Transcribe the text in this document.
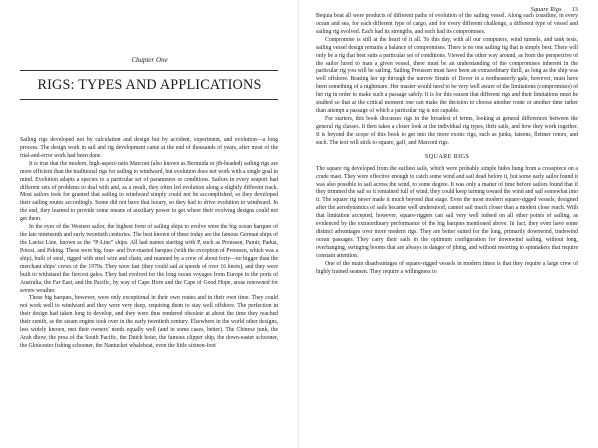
Chapter One
RIGS: TYPES AND APPLICATIONS

Sailing rigs developed not by calculation and design but by accident, experiment, and evolution—a long process. The design work in sail and rig development came at the end of thousands of years, after most of the trial-and-error work had been done.

It is true that the modern, high-aspect-ratio Marconi (also known as Bermuda or jib-headed) sailing rigs are more efficient than the traditional rigs for sailing to windward, but evolution does not work with a single goal in mind. Evolution adapts a species to a particular set of parameters or conditions. Sailors in every seaport had different sets of problems to deal with and, as a result, they often led evolution along a slightly different track. Most sailors took for granted that sailing to windward simply could not be accomplished, so they developed their sailing routes accordingly. Some did not have that luxury, so they had to drive evolution to windward. In the end, they learned to provide some means of auxiliary power to get where their evolving designs could not get them.

In the eyes of the Western sailor, the highest form of sailing ships to evolve were the big ocean barques of the late nineteenth and early twentieth centuries. The best known of these today are the famous German ships of the Laeisz Line, known as the “P-Line” ships. All had names starting with P, such as Preussen, Pamir, Padua, Potosi, and Peking. These were big, four- and five-masted barques (with the exception of Preussen, which was a ship), built of steel, rigged with steel wire and chain, and manned by a crew of about forty—no bigger than the merchant ships’ crews of the 1970s. They were fast (they could sail at speeds of over 16 knots), and they were built to withstand the fiercest gales. They had evolved for the long ocean voyages from Europe to the ports of Australia, the Far East, and the Pacific, by way of Cape Horn and the Cape of Good Hope, areas renowned for severe weather.

These big barques, however, were only exceptional in their own routes and in their own time. They could not work well to windward and they were very deep, requiring them to stay well offshore. The perfection in their design had taken long to develop, and they were thus rendered obsolete at about the time they reached their zenith, as the steam engine took over in the early twentieth century. Elsewhere in the world other designs, less widely known, met their owners’ needs equally well (and in some cases, better). The Chinese junk, the Arab dhow, the proa of the South Pacific, the Dutch boier, the famous clipper ship, the down-easter schooner, the Gloucester fishing schooner, the Nantucket whaleboat, even the little sixteen-foot

Square Rigs 13

Bequia boat all were products of different paths of evolution of the sailing vessel. Along each coastline, in every ocean and sea, for each different type of cargo, and for every different challenge, a different type of vessel and sailing rig evolved. Each had its strengths, and each had its compromises.

Compromise is still at the heart of it all. To this day, with all our computers, wind tunnels, and tank tests, sailing vessel design remains a balance of compromises. There is no one sailing rig that is simply best. There will only be a rig that best suits a particular set of conditions. Viewed the other way around, as from the perspective of the sailor lured to man a given vessel, there must be an understanding of the compromises inherent in the particular rig you will be sailing. Sailing Preussen must have been an extraordinary thrill, as long as the ship was well offshore. Beating her up through the narrow Straits of Dover in a northeasterly gale, however, must have been something of a nightmare. Her master would need to be very well aware of the limitations (compromises) of her rig in order to make such a passage safely. It is for this reason that different rigs and their limitations must be studied so that at the critical moment one can make the decision to choose another route or another time rather than attempt a passage of which a particular rig is not capable.

For starters, this book discusses rigs in the broadest of terms, looking at general differences between the general rig classes. It then takes a closer look at the individual rig types, their sails, and how they work together. It is beyond the scope of this book to get into the more exotic rigs, such as junks, lateens, flettner rotors, and such. The text will stick to square, gaff, and Marconi rigs.

SQUARE RIGS

The square rig developed from the earliest sails, which were probably simple hides hung from a crosspiece on a crude mast. They were effective enough to catch some wind and sail dead before it, but some early sailor found it was also possible to sail across the wind, to some degree. It was only a matter of time before sailors found that if they trimmed the sail so it remained full of wind, they could keep turning toward the wind and sail somewhat into it. The square rig never made it much beyond that stage. Even the most modern square-rigged vessels, designed after the aerodynamics of sails became well understood, cannot sail much closer than a modest close reach. With that limitation accepted, however, square-riggers can sail very well indeed on all other points of sailing, as evidenced by the extraordinary performance of the big barques mentioned above. In fact, they even have some distinct advantages over more modern rigs. They are better suited for the long, primarily downwind, tradewind ocean passages. They carry their sails in the optimum configuration for downwind sailing, without long, overhanging, swinging booms that are always in danger of jibing, and without resorting to spinnakers that require constant attention.

One of the main disadvantages of square-rigged vessels in modern times is that they require a large crew of highly trained seamen. They require a willingness to
